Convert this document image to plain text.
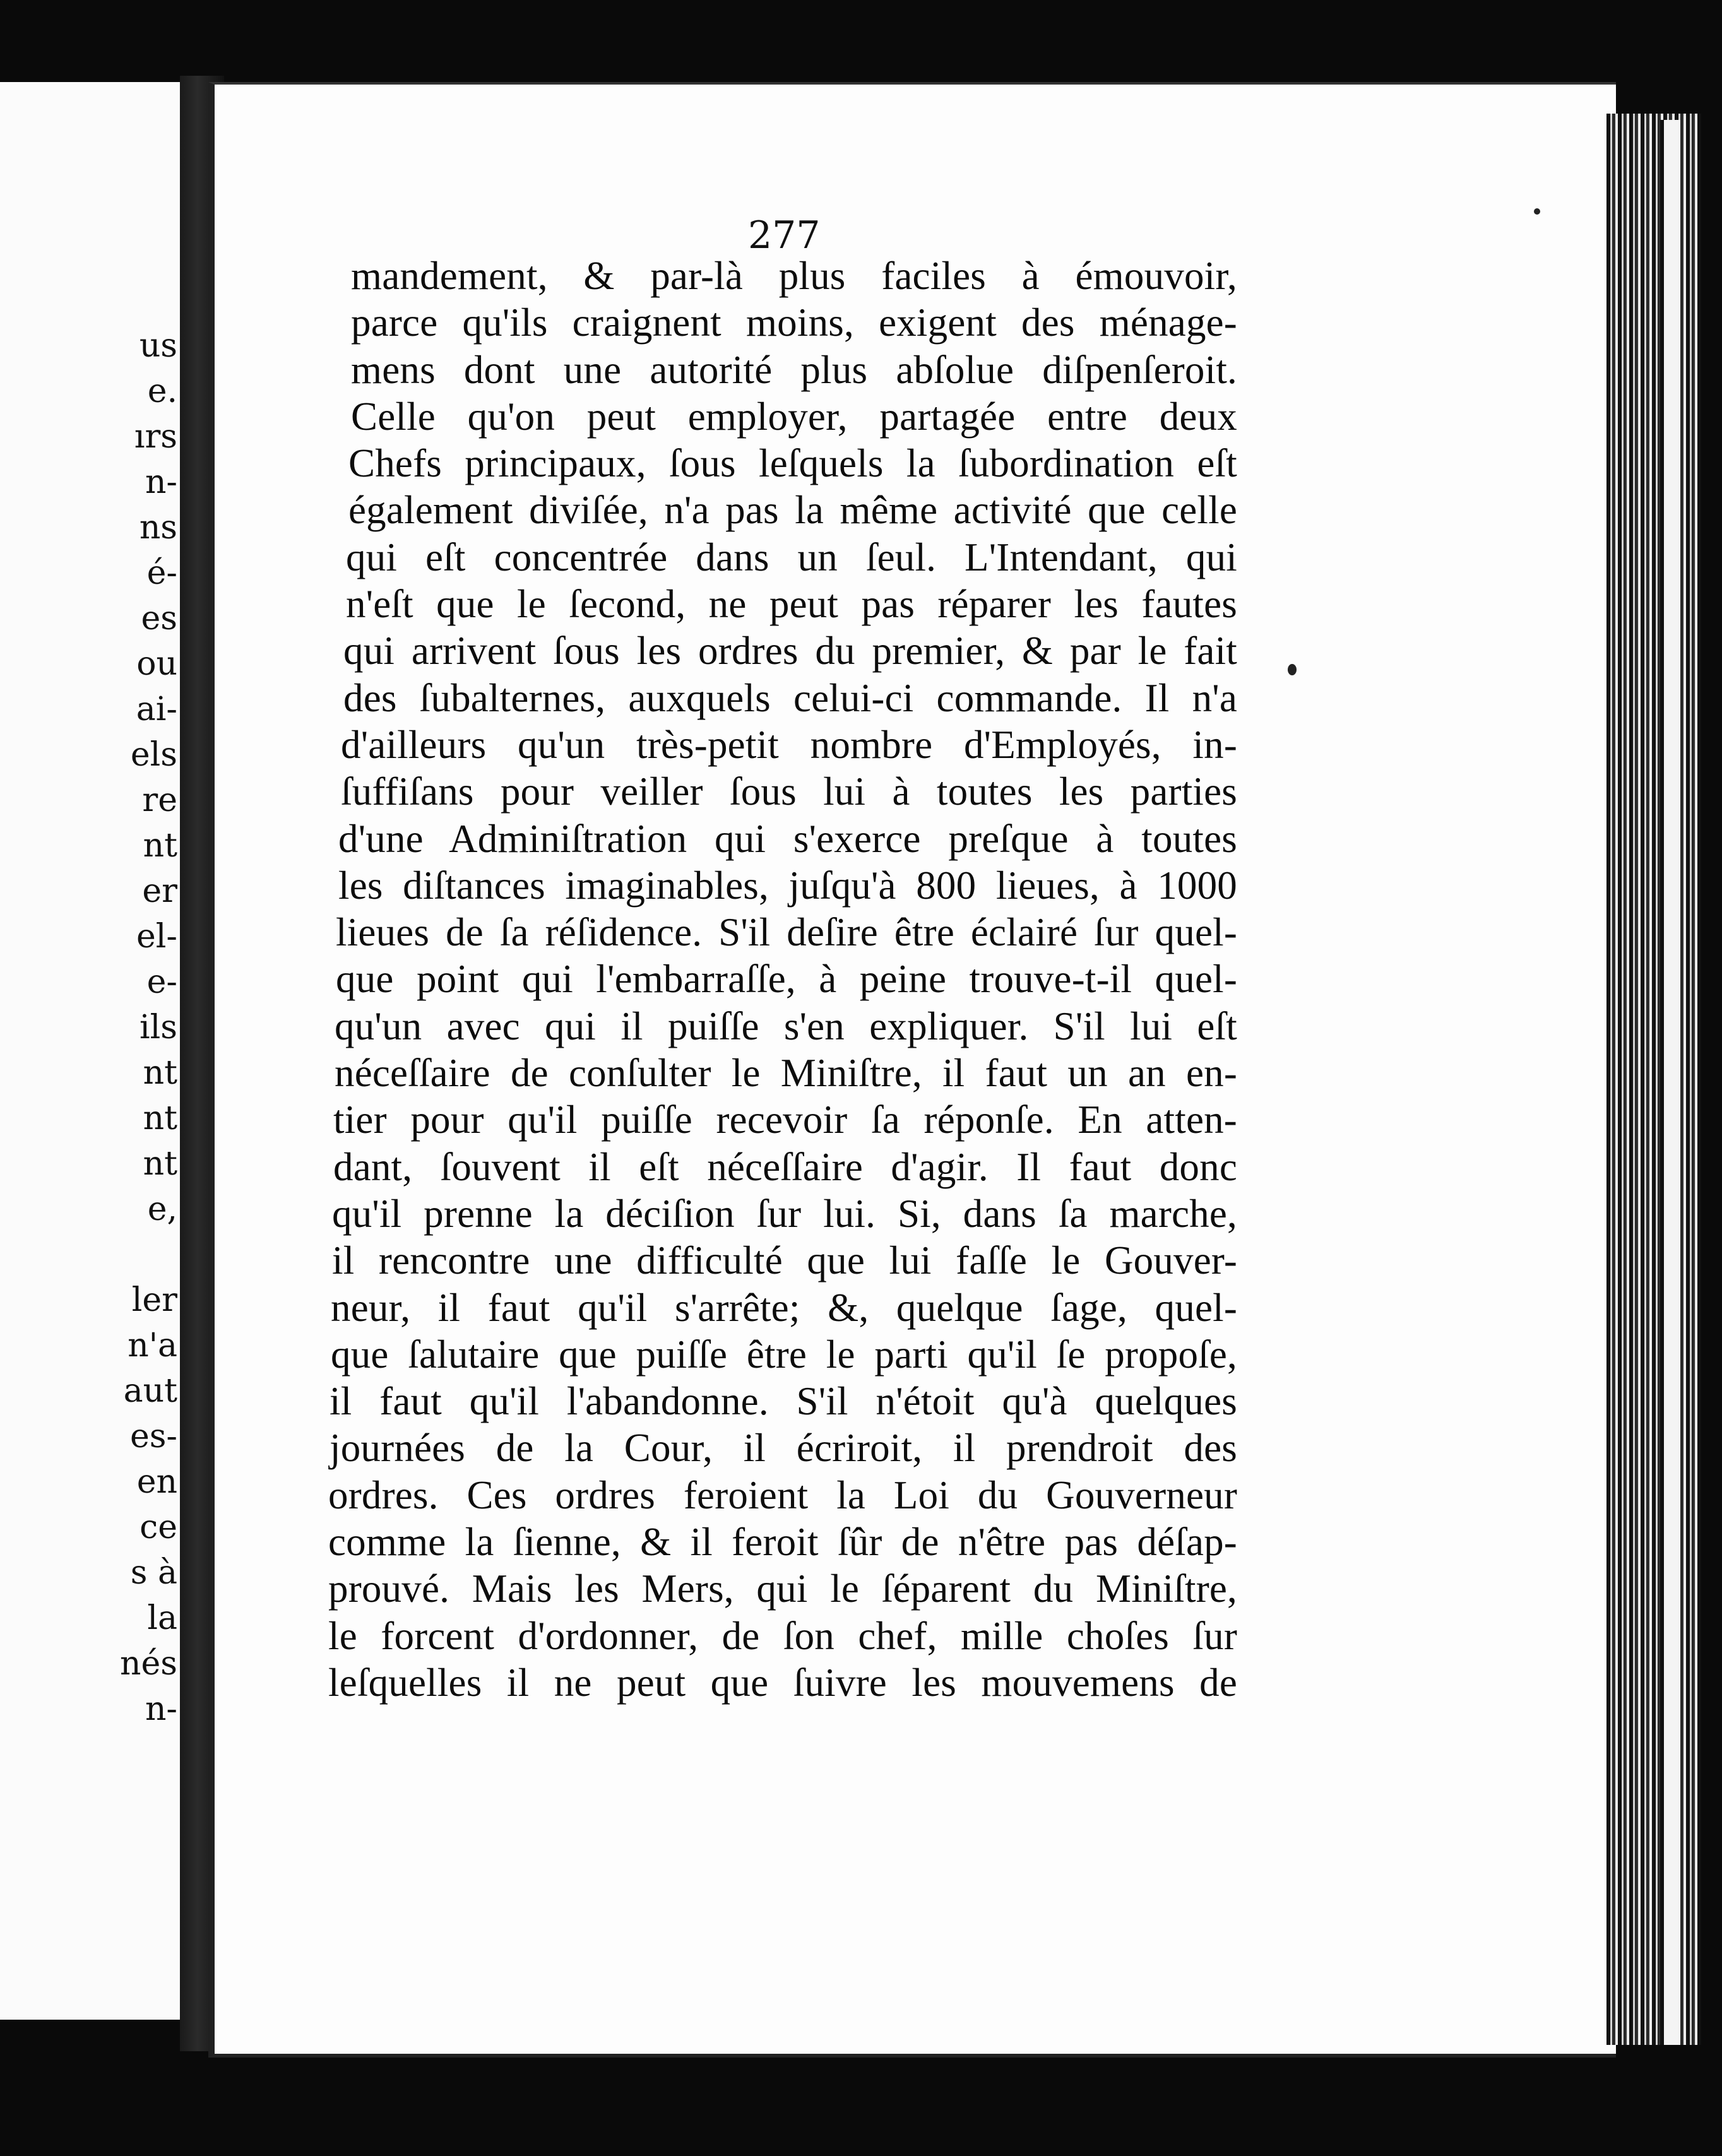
us
e.
ırs
n-
ns
é-
es
ou
ai-
els
re
nt
er
el-
e-
ils
nt
nt
nt
e,
ler
n'a
aut
es-
en
ce
s à
la
nés
n-
277
mandement, & par-là plus faciles à émouvoir,
parce qu'ils craignent moins, exigent des ménage-
mens dont une autorité plus abſolue diſpenſeroit.
Celle qu'on peut employer, partagée entre deux
Chefs principaux, ſous leſquels la ſubordination eſt
également diviſée, n'a pas la même activité que celle
qui eſt concentrée dans un ſeul. L'Intendant, qui
n'eſt que le ſecond, ne peut pas réparer les fautes
qui arrivent ſous les ordres du premier, & par le fait
des ſubalternes, auxquels celui-ci commande. Il n'a
d'ailleurs qu'un très-petit nombre d'Employés, in-
ſuffiſans pour veiller ſous lui à toutes les parties
d'une Adminiſtration qui s'exerce preſque à toutes
les diſtances imaginables, juſqu'à 800 lieues, à 1000
lieues de ſa réſidence. S'il deſire être éclairé ſur quel-
que point qui l'embarraſſe, à peine trouve-t-il quel-
qu'un avec qui il puiſſe s'en expliquer. S'il lui eſt
néceſſaire de conſulter le Miniſtre, il faut un an en-
tier pour qu'il puiſſe recevoir ſa réponſe. En atten-
dant, ſouvent il eſt néceſſaire d'agir. Il faut donc
qu'il prenne la déciſion ſur lui. Si, dans ſa marche,
il rencontre une difficulté que lui faſſe le Gouver-
neur, il faut qu'il s'arrête; &, quelque ſage, quel-
que ſalutaire que puiſſe être le parti qu'il ſe propoſe,
il faut qu'il l'abandonne. S'il n'étoit qu'à quelques
journées de la Cour, il écriroit, il prendroit des
ordres. Ces ordres feroient la Loi du Gouverneur
comme la ſienne, & il feroit ſûr de n'être pas déſap-
prouvé. Mais les Mers, qui le ſéparent du Miniſtre,
le forcent d'ordonner, de ſon chef, mille choſes ſur
leſquelles il ne peut que ſuivre les mouvemens de
